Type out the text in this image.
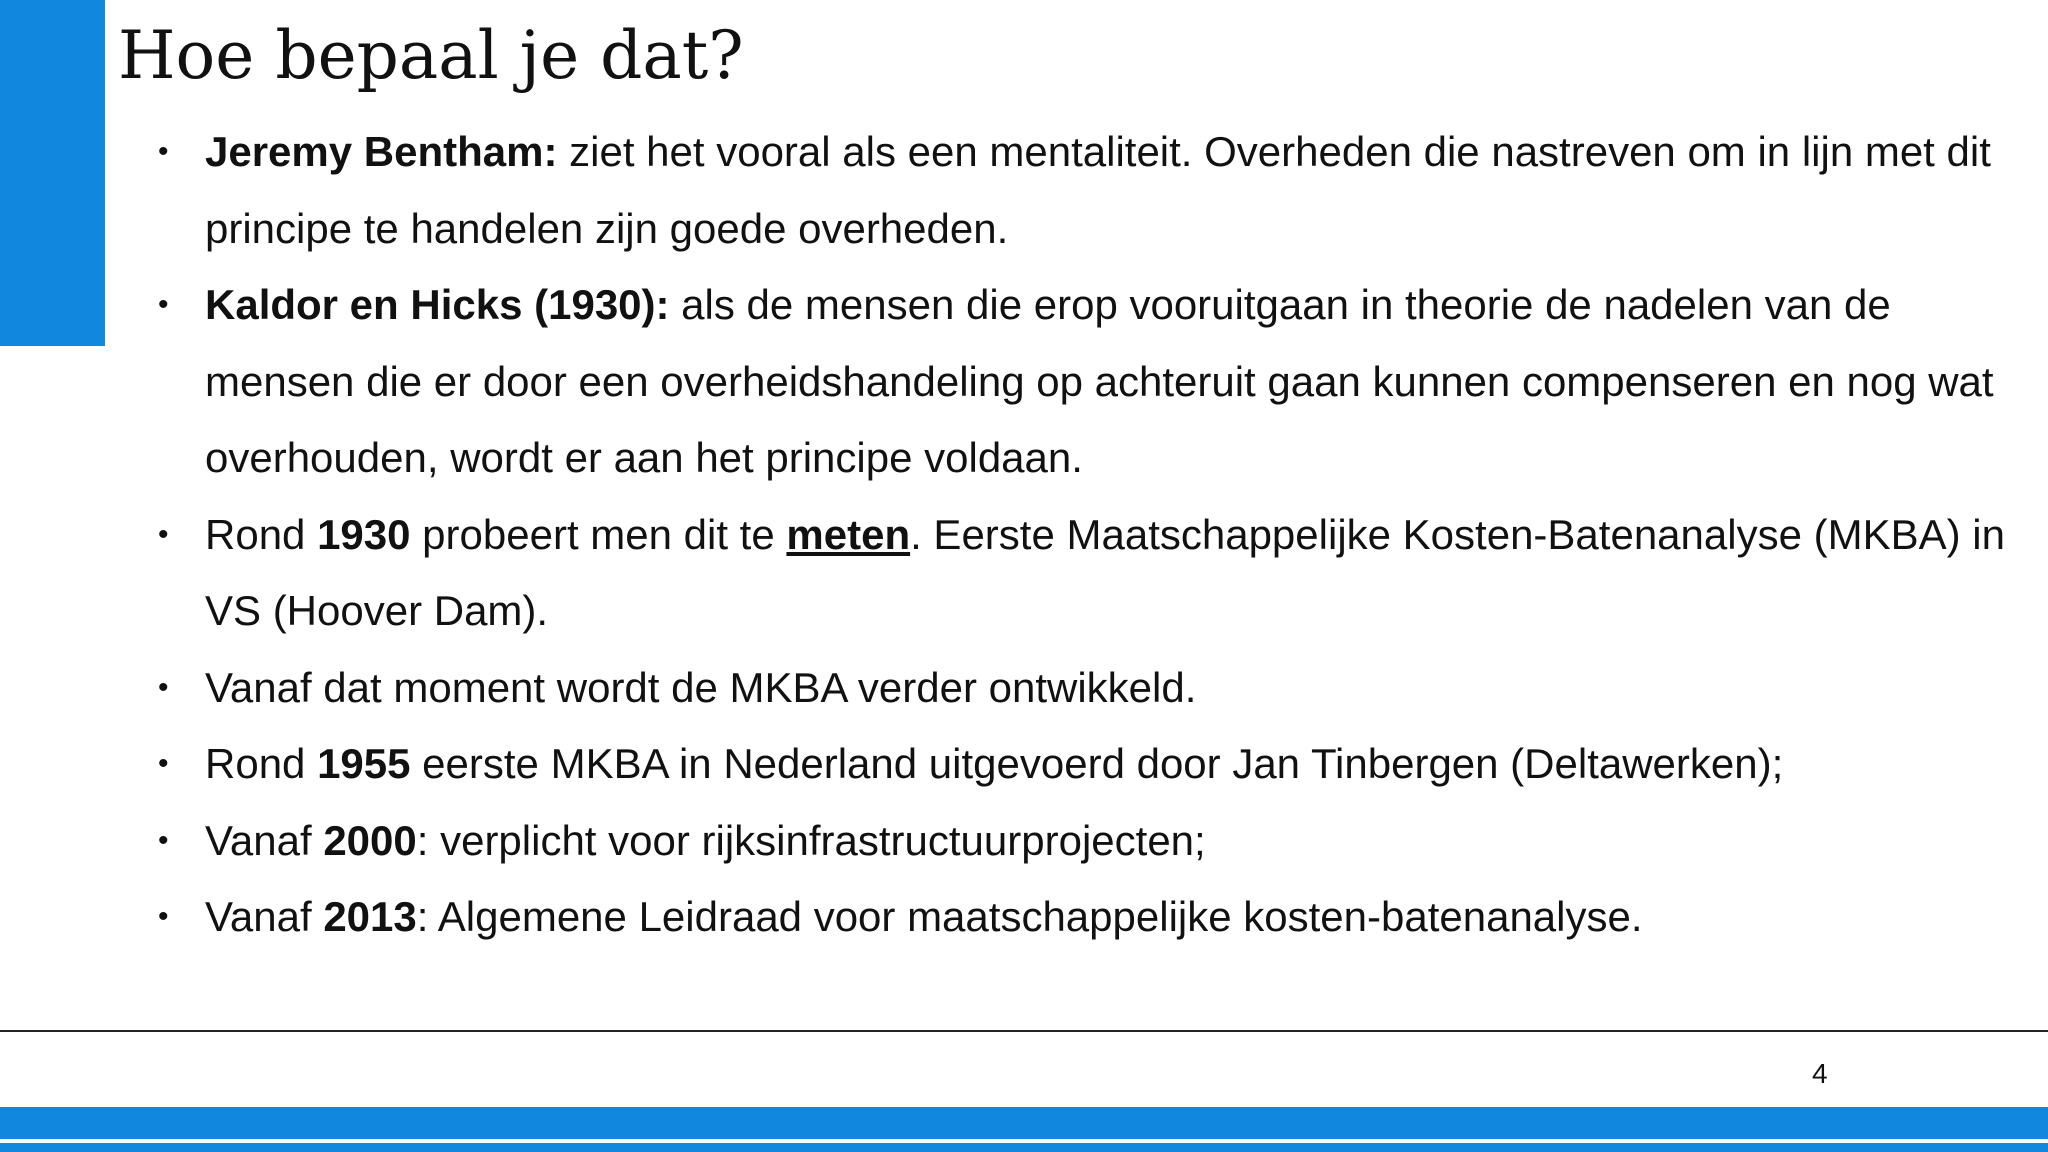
Hoe bepaal je dat?
• Jeremy Bentham: ziet het vooral als een mentaliteit. Overheden die nastreven om in lijn met dit principe te handelen zijn goede overheden.
• Kaldor en Hicks (1930): als de mensen die erop vooruitgaan in theorie de nadelen van de mensen die er door een overheidshandeling op achteruit gaan kunnen compenseren en nog wat overhouden, wordt er aan het principe voldaan.
• Rond 1930 probeert men dit te meten. Eerste Maatschappelijke Kosten-Batenanalyse (MKBA) in VS (Hoover Dam).
• Vanaf dat moment wordt de MKBA verder ontwikkeld.
• Rond 1955 eerste MKBA in Nederland uitgevoerd door Jan Tinbergen (Deltawerken);
• Vanaf 2000: verplicht voor rijksinfrastructuurprojecten;
• Vanaf 2013: Algemene Leidraad voor maatschappelijke kosten-batenanalyse.
4
